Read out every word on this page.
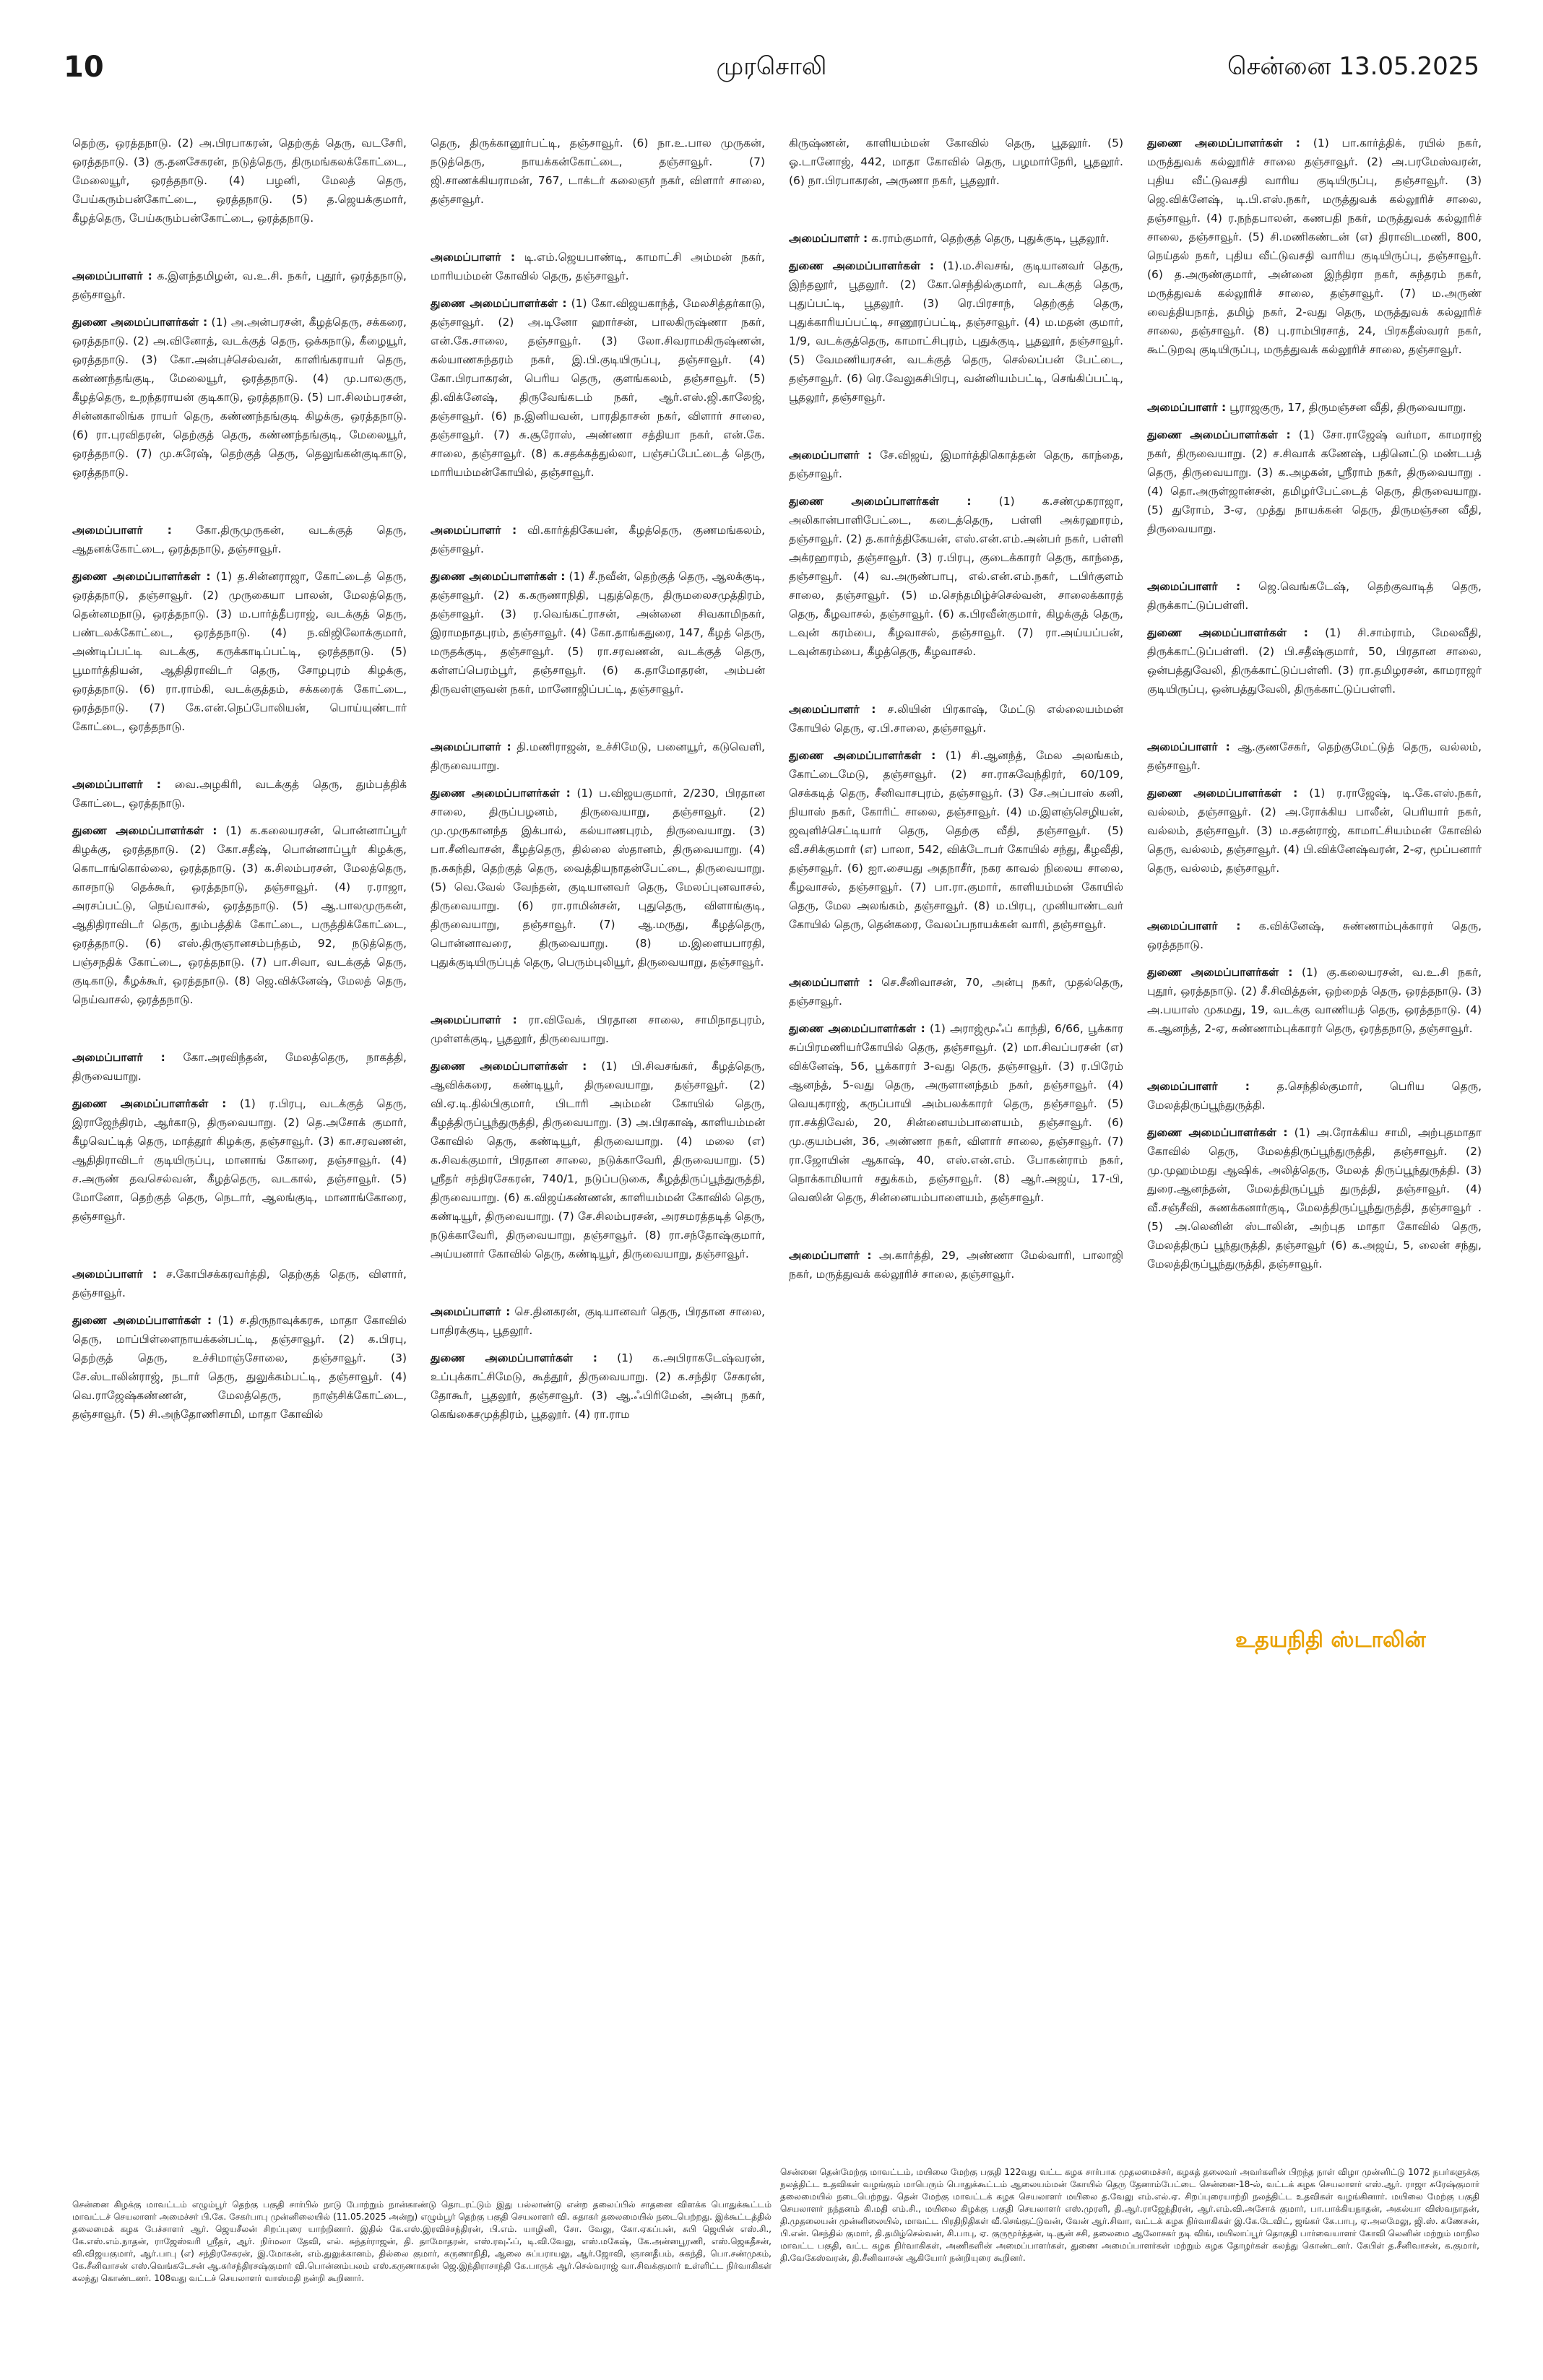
10	முரசொலி	சென்னை 13.05.2025

தெற்கு, ஒரத்தநாடு. (2) அ.பிரபாகரன், தெற்குத் தெரு, வடசேரி, ஒரத்தநாடு. (3) கு.தனசேகரன், நடுத்தெரு, திருமங்கலக்கோட்டை, மேலையூர், ஒரத்தநாடு. (4) பழனி, மேலத் தெரு, பேய்கரும்பன்கோட்டை, ஒரத்தநாடு. (5) த.ஜெயக்குமார், கீழத்தெரு, பேய்கரும்பன்கோட்டை, ஒரத்தநாடு.

அமைப்பாளர் : க.இளந்தமிழன், வ.உ.சி. நகர், புதூர், ஒரத்தநாடு, தஞ்சாவூர்.

துணை அமைப்பாளர்கள் : (1) அ.அன்பரசன், கீழத்தெரு, சக்கரை, ஒரத்தநாடு. (2) அ.வினோத், வடக்குத் தெரு, ஒக்கநாடு, கீழையூர், ஒரத்தநாடு. (3) கோ.அன்புச்செல்வன், காளிங்கராயர் தெரு, கண்ணந்தங்குடி, மேலையூர், ஒரத்தநாடு. (4) மு.பாலகுரு, கீழத்தெரு, உறந்தராயன் குடிகாடு, ஒரத்தநாடு. (5) பா.சிலம்பரசன், சின்னகாலிங்க ராயர் தெரு, கண்ணந்தங்குடி கிழக்கு, ஒரத்தநாடு. (6) ரா.புரவிதரன், தெற்குத் தெரு, கண்ணந்தங்குடி, மேலையூர், ஒரத்தநாடு. (7) மு.சுரேஷ், தெற்குத் தெரு, தெலுங்கன்குடிகாடு, ஒரத்தநாடு.

அமைப்பாளர் : கோ.திருமுருகன், வடக்குத் தெரு, ஆதனக்கோட்டை, ஒரத்தநாடு, தஞ்சாவூர்.

துணை அமைப்பாளர்கள் : (1) த.சின்னராஜா, கோட்டைத் தெரு, ஒரத்தநாடு, தஞ்சாவூர். (2) முருகையா பாலன், மேலத்தெரு, தென்னமநாடு, ஒரத்தநாடு. (3) ம.பார்த்தீபராஜ், வடக்குத் தெரு, பண்டலக்கோட்டை, ஒரத்தநாடு. (4) ந.விஜிலோக்குமார், அண்டிப்பட்டி வடக்கு, கருக்காடிப்பட்டி, ஒரத்தநாடு. (5) பூமார்த்தியன், ஆதிதிராவிடர் தெரு, சோழபுரம் கிழக்கு, ஒரத்தநாடு. (6) ரா.ராம்கி, வடக்குத்தம், சக்கரைக் கோட்டை, ஒரத்தநாடு. (7) கே.என்.நெப்போலியன், பொய்யுண்டார் கோட்டை, ஒரத்தநாடு.

அமைப்பாளர் : வை.அழகிரி, வடக்குத் தெரு, தும்பத்திக் கோட்டை, ஒரத்தநாடு.

துணை அமைப்பாளர்கள் : (1) க.கலையரசன், பொன்னாப்பூர் கிழக்கு, ஒரத்தநாடு. (2) கோ.சதீஷ், பொன்னாப்பூர் கிழக்கு, கொடாங்கொல்லை, ஒரத்தநாடு. (3) க.சிலம்பரசன், மேலத்தெரு, காசநாடு தெக்கூர், ஒரத்தநாடு, தஞ்சாவூர். (4) ர.ராஜா, அரசப்பட்டு, நெய்வாசல், ஒரத்தநாடு. (5) ஆ.பாலமுருகன், ஆதிதிராவிடர் தெரு, தும்பத்திக் கோட்டை, பருத்திக்கோட்டை, ஒரத்தநாடு. (6) எஸ்.திருஞானசம்பந்தம், 92, நடுத்தெரு, பஞ்சநதிக் கோட்டை, ஒரத்தநாடு. (7) பா.சிவா, வடக்குத் தெரு, குடிகாடு, கீழக்கூர், ஒரத்தநாடு. (8) ஜெ.விக்னேஷ், மேலத் தெரு, நெய்வாசல், ஒரத்தநாடு.

அமைப்பாளர் : கோ.அரவிந்தன், மேலத்தெரு, நாகத்தி, திருவையாறு.

துணை அமைப்பாளர்கள் : (1) ர.பிரபு, வடக்குத் தெரு, இராஜேந்திரம், ஆர்காடு, திருவையாறு. (2) தெ.அசோக் குமார், கீழவெட்டித் தெரு, மாத்தூர் கிழக்கு, தஞ்சாவூர். (3) கா.சரவணன், ஆதிதிராவிடர் குடியிருப்பு, மானாங் கோரை, தஞ்சாவூர். (4) ச.அருண் தவசெல்வன், கீழத்தெரு, வடகால், தஞ்சாவூர். (5) மோனோ, தெற்குத் தெரு, நெடார், ஆலங்குடி, மானாங்கோரை, தஞ்சாவூர்.

அமைப்பாளர் : ச.கோபிசக்கரவர்த்தி, தெற்குத் தெரு, விளார், தஞ்சாவூர்.

துணை அமைப்பாளர்கள் : (1) ச.திருநாவுக்கரசு, மாதா கோவில் தெரு, மாப்பிள்ளைநாயக்கன்பட்டி, தஞ்சாவூர். (2) க.பிரபு, தெற்குத் தெரு, உச்சிமாஞ்சோலை, தஞ்சாவூர். (3) சே.ஸ்டாலின்ராஜ், நடார் தெரு, துலுக்கம்பட்டி, தஞ்சாவூர். (4) வெ.ராஜேஷ்கண்ணன், மேலத்தெரு, நாஞ்சிக்கோட்டை, தஞ்சாவூர். (5) சி.அந்தோணிசாமி, மாதா கோவில்

தெரு, திருக்கானூர்பட்டி, தஞ்சாவூர். (6) நா.உ.பால முருகன், நடுத்தெரு, நாயக்கன்கோட்டை, தஞ்சாவூர். (7) ஜி.சாணக்கியராமன், 767, டாக்டர் கலைஞர் நகர், விளார் சாலை, தஞ்சாவூர்.

அமைப்பாளர் : டி.எம்.ஜெயபாண்டி, காமாட்சி அம்மன் நகர், மாரியம்மன் கோவில் தெரு, தஞ்சாவூர்.

துணை அமைப்பாளர்கள் : (1) கோ.விஜயகாந்த், மேலசித்தர்காடு, தஞ்சாவூர். (2) அ.டினோ ஹார்சன், பாலகிருஷ்ணா நகர், என்.கே.சாலை, தஞ்சாவூர். (3) லோ.சிவராமகிருஷ்ணன், கல்யாணசுந்தரம் நகர், இ.பி.குடியிருப்பு, தஞ்சாவூர். (4) கோ.பிரபாகரன், பெரிய தெரு, குளங்கலம், தஞ்சாவூர். (5) தி.விக்னேஷ், திருவேங்கடம் நகர், ஆர்.எஸ்.ஜி.காலேஜ், தஞ்சாவூர். (6) ந.இனியவன், பாரதிதாசன் நகர், விளார் சாலை, தஞ்சாவூர். (7) சு.சூரோஸ், அண்ணா சத்தியா நகர், என்.கே. சாலை, தஞ்சாவூர். (8) க.சதக்கத்துல்லா, பஞ்சப்பேட்டைத் தெரு, மாரியம்மன்கோயில், தஞ்சாவூர்.

அமைப்பாளர் : வி.கார்த்திகேயன், கீழத்தெரு, குணமங்கலம், தஞ்சாவூர்.

துணை அமைப்பாளர்கள் : (1) சீ.நவீன், தெற்குத் தெரு, ஆலக்குடி, தஞ்சாவூர். (2) க.கருணாநிதி, புதுத்தெரு, திருமலைசமுத்திரம், தஞ்சாவூர். (3) ர.வெங்கட்ராசன், அன்னை சிவகாமிநகர், இராமநாதபுரம், தஞ்சாவூர். (4) கோ.தாங்கதுரை, 147, கீழத் தெரு, மருதக்குடி, தஞ்சாவூர். (5) ரா.சரவணன், வடக்குத் தெரு, கள்ளப்பெரம்பூர், தஞ்சாவூர். (6) க.தாமோதரன், அம்பன் திருவள்ளுவன் நகர், மானோஜிப்பட்டி, தஞ்சாவூர்.

அமைப்பாளர் : தி.மணிராஜன், உச்சிமேடு, பனையூர், கடுவெளி, திருவையாறு.

துணை அமைப்பாளர்கள் : (1) ப.விஜயகுமார், 2/230, பிரதான சாலை, திருப்பழனம், திருவையாறு, தஞ்சாவூர். (2) மு.முருகானந்த இக்பால், கல்யாணபுரம், திருவையாறு. (3) பா.சீனிவாசன், கீழத்தெரு, தில்லை ஸ்தானம், திருவையாறு. (4) ந.சுகந்தி, தெற்குத் தெரு, வைத்தியநாதன்பேட்டை, திருவையாறு. (5) வெ.வேல் வேந்தன், குடியானவர் தெரு, மேலப்புனவாசல், திருவையாறு. (6) ரா.ராமின்சன், புதுதெரு, விளாங்குடி, திருவையாறு, தஞ்சாவூர். (7) ஆ.மருது, கீழத்தெரு, பொன்னாவரை, திருவையாறு. (8) ம.இளையபாரதி, புதுக்குடியிருப்புத் தெரு, பெரும்புலியூர், திருவையாறு, தஞ்சாவூர்.

அமைப்பாளர் : ரா.விவேக், பிரதான சாலை, சாமிநாதபுரம், முள்ளக்குடி, பூதலூர், திருவையாறு.

துணை அமைப்பாளர்கள் : (1) பி.சிவசங்கர், கீழத்தெரு, ஆவிக்கரை, கண்டியூர், திருவையாறு, தஞ்சாவூர். (2) வி.ஏ.டி.தில்பிகுமார், பிடாரி அம்மன் கோயில் தெரு, கீழத்திருப்பூந்துருத்தி, திருவையாறு. (3) அ.பிரகாஷ், காளியம்மன் கோவில் தெரு, கண்டியூர், திருவையாறு. (4) மலை (எ) க.சிவக்குமார், பிரதான சாலை, நடுக்காவேரி, திருவையாறு. (5) ஸ்ரீதர் சந்திரசேகரன், 740/1, நடுப்படுகை, கீழத்திருப்பூந்துருத்தி, திருவையாறு. (6) க.விஜய்கண்ணன், காளியம்மன் கோவில் தெரு, கண்டியூர், திருவையாறு. (7) சே.சிலம்பரசன், அரசமரத்தடித் தெரு, நடுக்காவேரி, திருவையாறு, தஞ்சாவூர். (8) ரா.சந்தோஷ்குமார், அய்யனார் கோவில் தெரு, கண்டியூர், திருவையாறு, தஞ்சாவூர்.

அமைப்பாளர் : செ.தினகரன், குடியானவர் தெரு, பிரதான சாலை, பாதிரக்குடி, பூதலூர்.

துணை அமைப்பாளர்கள் : (1) க.அபிராகடேஷ்வரன், உப்புக்காட்சிமேடு, கூத்தூர், திருவையாறு. (2) க.சந்திர சேகரன், தோகூர், பூதலூர், தஞ்சாவூர். (3) ஆ.ஃபிரிமேன், அன்பு நகர், கெங்கைசமுத்திரம், பூதலூர். (4) ரா.ராம

கிருஷ்ணன், காளியம்மன் கோவில் தெரு, பூதலூர். (5) ஓ.டானோஜ், 442, மாதா கோவில் தெரு, பழமார்நேரி, பூதலூர். (6) நா.பிரபாகரன், அருணா நகர், பூதலூர்.

அமைப்பாளர் : க.ராம்குமார், தெற்குத் தெரு, புதுக்குடி, பூதலூர்.

துணை அமைப்பாளர்கள் : (1).ம.சிவசங், குடியானவர் தெரு, இந்தலூர், பூதலூர். (2) கோ.செந்தில்குமார், வடக்குத் தெரு, புதுப்பட்டி, பூதலூர். (3) ரெ.பிரசாந், தெற்குத் தெரு, புதுக்காரியப்பட்டி, சாணூரப்பட்டி, தஞ்சாவூர். (4) ம.மதன் குமார், 1/9, வடக்குத்தெரு, காமாட்சிபுரம், புதுக்குடி, பூதலூர், தஞ்சாவூர். (5) வேமணியரசன், வடக்குத் தெரு, செல்லப்பன் பேட்டை, தஞ்சாவூர். (6) ரெ.வேலுசுசிபிரபு, வன்னியம்பட்டி, செங்கிப்பட்டி, பூதலூர், தஞ்சாவூர்.

அமைப்பாளர் : சே.விஜய், இமார்த்திகொத்தன் தெரு, காந்தை, தஞ்சாவூர்.

துணை அமைப்பாளர்கள் : (1) க.சண்முகராஜா, அலிகான்பாளிபேட்டை, கடைத்தெரு, பள்ளி அக்ரஹாரம், தஞ்சாவூர். (2) த.கார்த்திகேயன், எஸ்.என்.எம்.அன்பர் நகர், பள்ளி அக்ரஹாரம், தஞ்சாவூர். (3) ர.பிரபு, குடைக்காரர் தெரு, காந்தை, தஞ்சாவூர். (4) வ.அருண்பாபு, எல்.என்.எம்.நகர், டபிர்குளம் சாலை, தஞ்சாவூர். (5) ம.செந்தமிழ்ச்செல்வன், சாலைக்காரத் தெரு, கீழவாசல், தஞ்சாவூர். (6) க.பிரவீன்குமார், கிழக்குத் தெரு, டவுன் கரம்பை, கீழவாசல், தஞ்சாவூர். (7) ரா.அய்யப்பன், டவுன்கரம்பை, கீழத்தெரு, கீழவாசல்.

அமைப்பாளர் : ச.லியின் பிரகாஷ், மேட்டு எல்லையம்மன் கோயில் தெரு, ஏ.பி.சாலை, தஞ்சாவூர்.

துணை அமைப்பாளர்கள் : (1) சி.ஆனந்த், மேல அலங்கம், கோட்டைமேடு, தஞ்சாவூர். (2) சா.ராசுவேந்திரர், 60/109, செக்கடித் தெரு, சீனிவாசபுரம், தஞ்சாவூர். (3) சே.அப்பாஸ் கனி, நியாஸ் நகர், கோரிட் சாலை, தஞ்சாவூர். (4) ம.இளஞ்செழியன், ஜவுளிச்செட்டியார் தெரு, தெற்கு வீதி, தஞ்சாவூர். (5) வீ.சசிக்குமார் (எ) பாலா, 542, விக்டோபர் கோயில் சந்து, கீழவீதி, தஞ்சாவூர். (6) ஐா.சையது அதநாசீர், நகர காவல் நிலைய சாலை, கீழவாசல், தஞ்சாவூர். (7) பா.ரா.குமார், காளியம்மன் கோயில் தெரு, மேல அலங்கம், தஞ்சாவூர். (8) ம.பிரபு, முனியாண்டவர் கோயில் தெரு, தென்கரை, வேலப்பநாயக்கன் வாரி, தஞ்சாவூர்.

அமைப்பாளர் : செ.சீனிவாசன், 70, அன்பு நகர், முதல்தெரு, தஞ்சாவூர்.

துணை அமைப்பாளர்கள் : (1) அராஜ்மூஃப் காந்தி, 6/66, பூக்கார சுப்பிரமணியர்கோயில் தெரு, தஞ்சாவூர். (2) மா.சிவப்பரசன் (எ) விக்னேஷ், 56, பூக்காரர் 3-வது தெரு, தஞ்சாவூர். (3) ர.பிரேம் ஆனந்த், 5-வது தெரு, அருளானந்தம் நகர், தஞ்சாவூர். (4) வெயுகராஜ், கருப்பாயி அம்பலக்காரர் தெரு, தஞ்சாவூர். (5) ரா.சக்திவேல், 20, சின்னையம்பாளையம், தஞ்சாவூர். (6) மு.குயம்பன், 36, அண்ணா நகர், விளார் சாலை, தஞ்சாவூர். (7) ரா.ஜோயின் ஆகாஷ், 40, எஸ்.என்.எம். போகன்ராம் நகர், நொக்காமியார் சதுக்கம், தஞ்சாவூர். (8) ஆர்.அஜய், 17-பி, வெஸின் தெரு, சின்னையம்பாளையம், தஞ்சாவூர்.

அமைப்பாளர் : அ.கார்த்தி, 29, அண்ணா மேல்வாரி, பாலாஜி நகர், மருத்துவக் கல்லூரிச் சாலை, தஞ்சாவூர்.

துணை அமைப்பாளர்கள் : (1) பா.கார்த்திக், ரயில் நகர், மருத்துவக் கல்லூரிச் சாலை தஞ்சாவூர். (2) அ.பரமேஸ்வரன், புதிய வீட்டுவசதி வாரிய குடியிருப்பு, தஞ்சாவூர். (3) ஜெ.விக்னேஷ், டி.பி.எஸ்.நகர், மருத்துவக் கல்லூரிச் சாலை, தஞ்சாவூர். (4) ர.நந்தபாலன், கணபதி நகர், மருத்துவக் கல்லூரிச் சாலை, தஞ்சாவூர். (5) சி.மணிகண்டன் (எ) திராவிடமணி, 800, நெய்தல் நகர், புதிய வீட்டுவசதி வாரிய குடியிருப்பு, தஞ்சாவூர். (6) த.அருண்குமார், அன்னை இந்திரா நகர், சுந்தரம் நகர், மருத்துவக் கல்லூரிச் சாலை, தஞ்சாவூர். (7) ம.அருண் வைத்தியநாத், தமிழ் நகர், 2-வது தெரு, மருத்துவக் கல்லூரிச் சாலை, தஞ்சாவூர். (8) பு.ராம்பிரசாத், 24, பிரகதீஸ்வரர் நகர், கூட்டுறவு குடியிருப்பு, மருத்துவக் கல்லூரிச் சாலை, தஞ்சாவூர்.

அமைப்பாளர் : பூராஜகுரு, 17, திருமஞ்சன வீதி, திருவையாறு.

துணை அமைப்பாளர்கள் : (1) சோ.ராஜேஷ் வர்மா, காமராஜ் நகர், திருவையாறு. (2) ச.சிவாக் கணேஷ், பதினெட்டு மண்டபத் தெரு, திருவையாறு. (3) க.அழகன், ஸ்ரீராம் நகர், திருவையாறு . (4) தொ.அருள்ஜான்சன், தமிழர்பேட்டைத் தெரு, திருவையாறு. (5) துரோம், 3-ஏ, முத்து நாயக்கன் தெரு, திருமஞ்சன வீதி, திருவையாறு.

அமைப்பாளர் : ஜெ.வெங்கடேஷ், தெற்குவாடித் தெரு, திருக்காட்டுப்பள்ளி.

துணை அமைப்பாளர்கள் : (1) சி.சாம்ராம், மேலவீதி, திருக்காட்டுப்பள்ளி. (2) பி.சதீஷ்குமார், 50, பிரதான சாலை, ஒன்பத்துவேலி, திருக்காட்டுப்பள்ளி. (3) ரா.தமிழரசன், காமராஜர் குடியிருப்பு, ஒன்பத்துவேலி, திருக்காட்டுப்பள்ளி.

அமைப்பாளர் : ஆ.குணசேகர், தெற்குமேட்டுத் தெரு, வல்லம், தஞ்சாவூர்.

துணை அமைப்பாளர்கள் : (1) ர.ராஜேஷ், டி.கே.எஸ்.நகர், வல்லம், தஞ்சாவூர். (2) அ.ரோக்கிய பாலீன், பெரியார் நகர், வல்லம், தஞ்சாவூர். (3) ம.சதன்ராஜ், காமாட்சியம்மன் கோவில் தெரு, வல்லம், தஞ்சாவூர். (4) பி.விக்னேஷ்வரன், 2-ஏ, மூப்பனார் தெரு, வல்லம், தஞ்சாவூர்.

அமைப்பாளர் : க.விக்னேஷ், சுண்ணாம்புக்காரர் தெரு, ஒரத்தநாடு.

துணை அமைப்பாளர்கள் : (1) கு.கலையரசன், வ.உ.சி நகர், புதூர், ஒரத்தநாடு. (2) சீ.சிவித்தன், ஒற்றைத் தெரு, ஒரத்தநாடு. (3) அ.பயாஸ் முகமது, 19, வடக்கு வாணியத் தெரு, ஒரத்தநாடு. (4) க.ஆனந்த், 2-ஏ, சுண்ணாம்புக்காரர் தெரு, ஒரத்தநாடு, தஞ்சாவூர்.

அமைப்பாளர் : த.செந்தில்குமார், பெரிய தெரு, மேலத்திருப்பூந்துருத்தி.

துணை அமைப்பாளர்கள் : (1) அ.ரோக்கிய சாமி, அற்புதமாதா கோவில் தெரு, மேலத்திருப்பூந்துருத்தி, தஞ்சாவூர். (2) மு.முஹம்மது ஆஷிக், அலித்தெரு, மேலத் திருப்பூந்துருத்தி. (3) துரை.ஆனந்தன், மேலத்திருப்பூந் துருத்தி, தஞ்சாவூர். (4) வீ.சஞ்சீவி, சுணக்கனார்குடி, மேலத்திருப்பூந்துருத்தி, தஞ்சாவூர் . (5) அ.லெனின் ஸ்டாலின், அற்புத மாதா கோவில் தெரு, மேலத்திருப் பூந்துருத்தி, தஞ்சாவூர் (6) க.அஜய், 5, லைன் சந்து, மேலத்திருப்பூந்துருத்தி, தஞ்சாவூர்.

உதயநிதி ஸ்டாலின்
சென்னை கிழக்கு மாவட்டம் எழும்பூர் தெற்கு பகுதி சார்பில் நாடு போற்றும் நான்காண்டு தொடரட்டும் இது பல்லாண்டு என்ற தலைப்பில் சாதனை விளக்க பொதுக்கூட்டம் மாவட்டச் செயலாளர் அமைச்சர் பி.கே. சேகர்பாபு முன்னிலையில் (11.05.2025 அன்று) எழும்பூர் தெற்கு பகுதி செயலாளர் வி. சுதாகர் தலைமையில் நடைபெற்றது. இக்கூட்டத்தில் தலைமைக் கழக பேச்சாளர் ஆர். ஜெயசீலன் சிறப்புரை யாற்றினார். இதில் கே.எஸ்.இரவிச்சந்திரன், பி.எம். யாழினி, சோ. வேலு, கோ.ஏகப்பன், சுபி ஜெயின் எஸ்.சி., கே.எஸ்.எம்.நாதன், ராஜேஸ்வரி ஸ்ரீதர், ஆர். நிர்மலா தேவி, எல். சுந்தர்ராஜன், தி. தாமோதரன், எஸ்.ரவுஃப், டி.வி.வேலு, எஸ்.மகேஷ், கே.அன்னபூரணி, எஸ்.ஜெகதீசன், வி.விஜயகுமார், ஆர்.பாபு (எ) சந்திரசேகரன், இ.மோகன், எம்.துலுக்கானம், தில்லை குமார், கருணாநிதி, ஆலை சுப்பராயலு, ஆர்.ஜோவி, ஞானதீபம், சுகந்தி, பொ.சண்முகம், கே.சீனிவாசன் எஸ்.வெங்கடேசன் ஆ.சுர்சந்திரசஷ்குமார் வி.பொன்னம்பலம் எஸ்.கருணாகரன் ஜெ.இந்திராசாந்தி கே.பாருக் ஆர்.செல்வராஜ் வா.சிவக்குமார் உள்ளிட்ட நிர்வாகிகள் கலந்து கொண்டனர். 108வது வட்டச் செயலாளர் வாஸ்மதி நன்றி கூறினார்.
சென்னை தென்மேற்கு மாவட்டம், மயிலை மேற்கு பகுதி 122வது வட்ட கழக சார்பாக முதலமைச்சர், கழகத் தலைவர் அவர்களின் பிறந்த நாள் விழா முன்னிட்டு 1072 நபர்களுக்கு நலத்திட்ட உதவிகள் வழங்கும் மாபெரும் பொதுக்கூட்டம் ஆலையம்மன் கோயில் தெரு தேனாம்பேட்டை சென்னை-18-ல், வட்டக் கழக செயலாளர் எஸ்.ஆர். ராஜா சுரேஷ்குமார் தலைமையில் நடைபெற்றது. தென் மேற்கு மாவட்டக் கழக செயலாளர் மயிலை த.வேலு எம்.எல்.ஏ. சிறப்புரையாற்றி நலத்திட்ட உதவிகள் வழங்கினார். மயிலை மேற்கு பகுதி செயலாளர் நந்தனம் கி.மதி எம்.சி., மயிலை கிழக்கு பகுதி செயலாளர் எஸ்.முரளி, தி.ஆர்.ராஜேந்திரன், ஆர்.எம்.வி.அசோக் குமார், பா.பாக்கியநாதன், அகல்யா விஸ்வநாதன், தி.முதலையன் முன்னிலையில், மாவட்ட பிரதிநிதிகள் வீ.செங்குட்டுவன், வேன் ஆர்.சிவா, வட்டக் கழக நிர்வாகிகள் இ.கே.டேவிட், ஜங்கர் கே.பாபு, ஏ.அலமேலு, ஜி.ஸ். கணேசன், பி.என். செந்தில் குமார், தி.தமிழ்செல்வன், சி.பாபு, ஏ. குருமூர்த்தன், டி.சூன் சசி, தலைமை ஆலோசகர் நடி விங், மயிலாப்பூர் தொகுதி பார்வையாளர் கோவி லெனின் மற்றும் மாநில மாவட்ட பகுதி, வட்ட கழக நிர்வாகிகள், அணிகளின் அமைப்பாளர்கள், துணை அமைப்பாளர்கள் மற்றும் கழக தோழர்கள் கலந்து கொண்டனர். கேபிள் த.சீனிவாசன், க.குமார், தி.வேகேஸ்வரன், தி.சீனிவாசன் ஆகியோர் நன்றியுரை கூறினர்.
